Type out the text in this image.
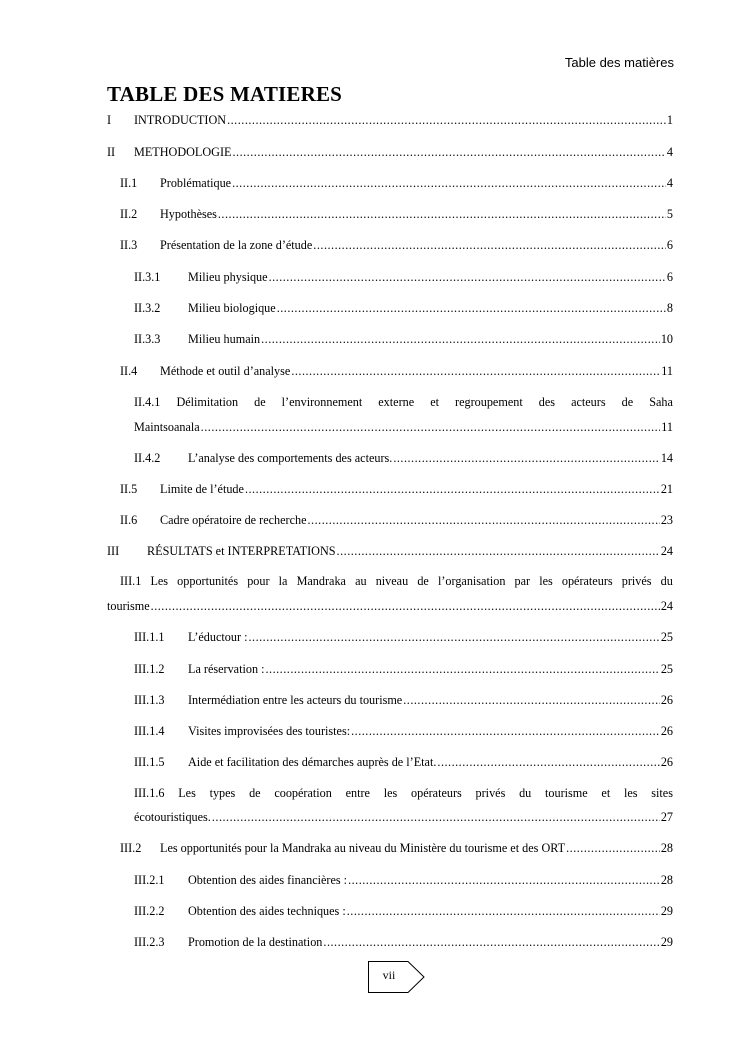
Table des matières
TABLE DES MATIERES
I	INTRODUCTION .....	1
II	METHODOLOGIE .....	4
II.1	Problématique .....	4
II.2	Hypothèses .....	5
II.3	Présentation de la zone d’étude .....	6
II.3.1	Milieu physique .....	6
II.3.2	Milieu biologique .....	8
II.3.3	Milieu humain .....	10
II.4	Méthode et outil d’analyse .....	11
II.4.1 Délimitation de l’environnement externe et regroupement des acteurs de Saha
Maintsoanala .....	11
II.4.2	L’analyse des comportements des acteurs. .....	14
II.5	Limite de l’étude .....	21
II.6	Cadre opératoire de recherche .....	23
III	RÉSULTATS et INTERPRETATIONS .....	24
III.1 Les opportunités pour la Mandraka au niveau de l’organisation par les opérateurs privés du
tourisme .....	24
III.1.1	L’éductour : .....	25
III.1.2	La réservation : .....	25
III.1.3	Intermédiation entre les acteurs du tourisme .....	26
III.1.4	Visites improvisées des touristes: .....	26
III.1.5	Aide et facilitation des démarches auprès de l’Etat. .....	26
III.1.6 Les types de coopération entre les opérateurs privés du tourisme et les sites
écotouristiques. .....	27
III.2	Les opportunités pour la Mandraka au niveau du Ministère du tourisme et des ORT .....	28
III.2.1	Obtention des aides financières : .....	28
III.2.2	Obtention des aides techniques : .....	29
III.2.3	Promotion de la destination .....	29
vii
